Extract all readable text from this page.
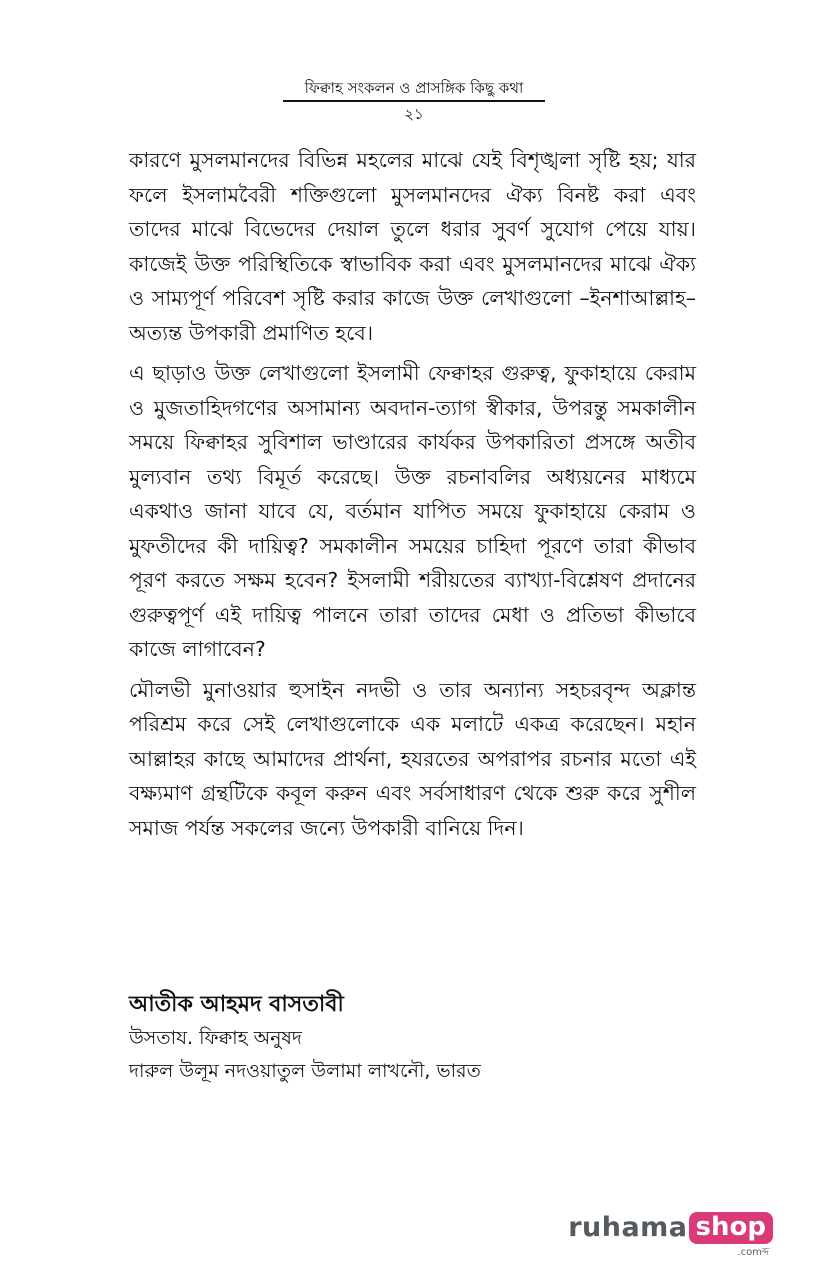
ফিক্বাহ সংকলন ও প্রাসঙ্গিক কিছু কথা
২১

কারণে মুসলমানদের বিভিন্ন মহলের মাঝে যেই বিশৃঙ্খলা সৃষ্টি হয়; যার ফলে ইসলামবৈরী শক্তিগুলো মুসলমানদের ঐক্য বিনষ্ট করা এবং তাদের মাঝে বিভেদের দেয়াল তুলে ধরার সুবর্ণ সুযোগ পেয়ে যায়। কাজেই উক্ত পরিস্থিতিকে স্বাভাবিক করা এবং মুসলমানদের মাঝে ঐক্য ও সাম্যপূর্ণ পরিবেশ সৃষ্টি করার কাজে উক্ত লেখাগুলো –ইনশাআল্লাহ– অত্যন্ত উপকারী প্রমাণিত হবে।

এ ছাড়াও উক্ত লেখাগুলো ইসলামী ফেক্বাহর গুরুত্ব, ফুকাহায়ে কেরাম ও মুজতাহিদগণের অসামান্য অবদান-ত্যাগ স্বীকার, উপরন্তু সমকালীন সময়ে ফিক্বাহর সুবিশাল ভাণ্ডারের কার্যকর উপকারিতা প্রসঙ্গে অতীব মুল্যবান তথ্য বিমূর্ত করেছে। উক্ত রচনাবলির অধ্যয়নের মাধ্যমে একথাও জানা যাবে যে, বর্তমান যাপিত সময়ে ফুকাহায়ে কেরাম ও মুফতীদের কী দায়িত্ব? সমকালীন সময়ের চাহিদা পূরণে তারা কীভাব পূরণ করতে সক্ষম হবেন? ইসলামী শরীয়তের ব্যাখ্যা-বিশ্লেষণ প্রদানের গুরুত্বপূর্ণ এই দায়িত্ব পালনে তারা তাদের মেধা ও প্রতিভা কীভাবে কাজে লাগাবেন?

মৌলভী মুনাওয়ার হুসাইন নদভী ও তার অন্যান্য সহচরবৃন্দ অক্লান্ত পরিশ্রম করে সেই লেখাগুলোকে এক মলাটে একত্র করেছেন। মহান আল্লাহর কাছে আমাদের প্রার্থনা, হযরতের অপরাপর রচনার মতো এই বক্ষ্যমাণ গ্রন্থটিকে কবূল করুন এবং সর্বসাধারণ থেকে শুরু করে সুশীল সমাজ পর্যন্ত সকলের জন্যে উপকারী বানিয়ে দিন।

আতীক আহমদ বাসতাবী
উসতায. ফিক্বাহ অনুষদ
দারুল উলূম নদওয়াতুল উলামা লাখনৌ, ভারত
ruhama shop
.comব্দ
